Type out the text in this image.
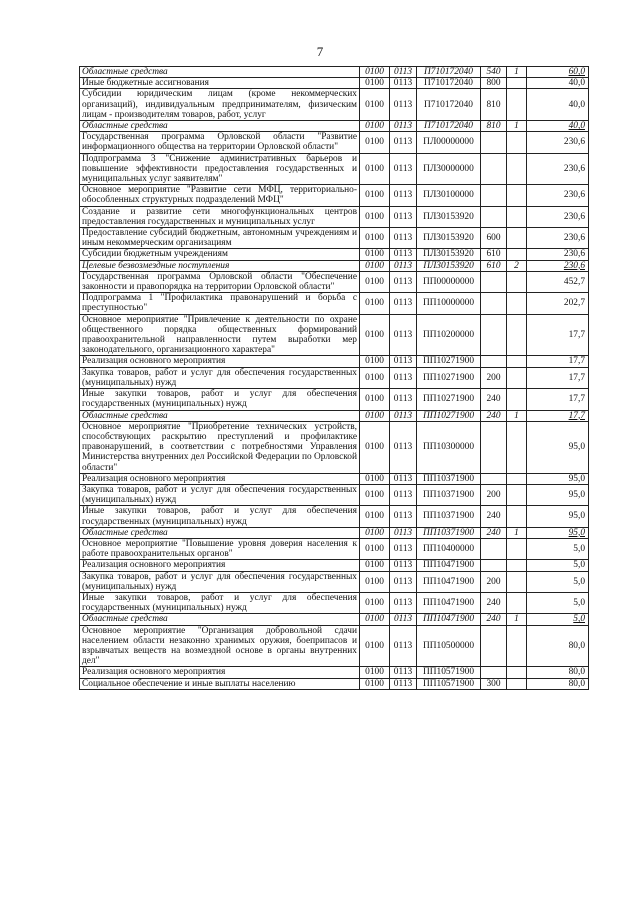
7
Областные средства	0100	0113	П710172040	540	1	60,0
Иные бюджетные ассигнования	0100	0113	П710172040	800		40,0
Субсидии юридическим лицам (кроме некоммерческих организаций), индивидуальным предпринимателям, физическим лицам - производителям товаров, работ, услуг	0100	0113	П710172040	810		40,0
Областные средства	0100	0113	П710172040	810	1	40,0
Государственная программа Орловской области "Развитие информационного общества на территории Орловской области"	0100	0113	ПЛ00000000			230,6
Подпрограмма 3 "Снижение административных барьеров и повышение эффективности предоставления государственных и муниципальных услуг заявителям"	0100	0113	ПЛ30000000			230,6
Основное мероприятие "Развитие сети МФЦ, территориально-обособленных структурных подразделений МФЦ"	0100	0113	ПЛ30100000			230,6
Создание и развитие сети многофункциональных центров предоставления государственных и муниципальных услуг	0100	0113	ПЛ30153920			230,6
Предоставление субсидий бюджетным, автономным учреждениям и иным некоммерческим организациям	0100	0113	ПЛ30153920	600		230,6
Субсидии бюджетным учреждениям	0100	0113	ПЛ30153920	610		230,6
Целевые безвозмездные поступления	0100	0113	ПЛ30153920	610	2	230,6
Государственная программа Орловской области "Обеспечение законности и правопорядка на территории Орловской области"	0100	0113	ПП00000000			452,7
Подпрограмма 1 "Профилактика правонарушений и борьба с преступностью"	0100	0113	ПП10000000			202,7
Основное мероприятие "Привлечение к деятельности по охране общественного порядка общественных формирований правоохранительной направленности путем выработки мер законодательного, организационного характера"	0100	0113	ПП10200000			17,7
Реализация основного мероприятия	0100	0113	ПП10271900			17,7
Закупка товаров, работ и услуг для обеспечения государственных (муниципальных) нужд	0100	0113	ПП10271900	200		17,7
Иные закупки товаров, работ и услуг для обеспечения государственных (муниципальных) нужд	0100	0113	ПП10271900	240		17,7
Областные средства	0100	0113	ПП10271900	240	1	17,7
Основное мероприятие "Приобретение технических устройств, способствующих раскрытию преступлений и профилактике правонарушений, в соответствии с потребностями Управления Министерства внутренних дел Российской Федерации по Орловской области"	0100	0113	ПП10300000			95,0
Реализация основного мероприятия	0100	0113	ПП10371900			95,0
Закупка товаров, работ и услуг для обеспечения государственных (муниципальных) нужд	0100	0113	ПП10371900	200		95,0
Иные закупки товаров, работ и услуг для обеспечения государственных (муниципальных) нужд	0100	0113	ПП10371900	240		95,0
Областные средства	0100	0113	ПП10371900	240	1	95,0
Основное мероприятие "Повышение уровня доверия населения к работе правоохранительных органов"	0100	0113	ПП10400000			5,0
Реализация основного мероприятия	0100	0113	ПП10471900			5,0
Закупка товаров, работ и услуг для обеспечения государственных (муниципальных) нужд	0100	0113	ПП10471900	200		5,0
Иные закупки товаров, работ и услуг для обеспечения государственных (муниципальных) нужд	0100	0113	ПП10471900	240		5,0
Областные средства	0100	0113	ПП10471900	240	1	5,0
Основное мероприятие "Организация добровольной сдачи населением области незаконно хранимых оружия, боеприпасов и взрывчатых веществ на возмездной основе в органы внутренних дел"	0100	0113	ПП10500000			80,0
Реализация основного мероприятия	0100	0113	ПП10571900			80,0
Социальное обеспечение и иные выплаты населению	0100	0113	ПП10571900	300		80,0
